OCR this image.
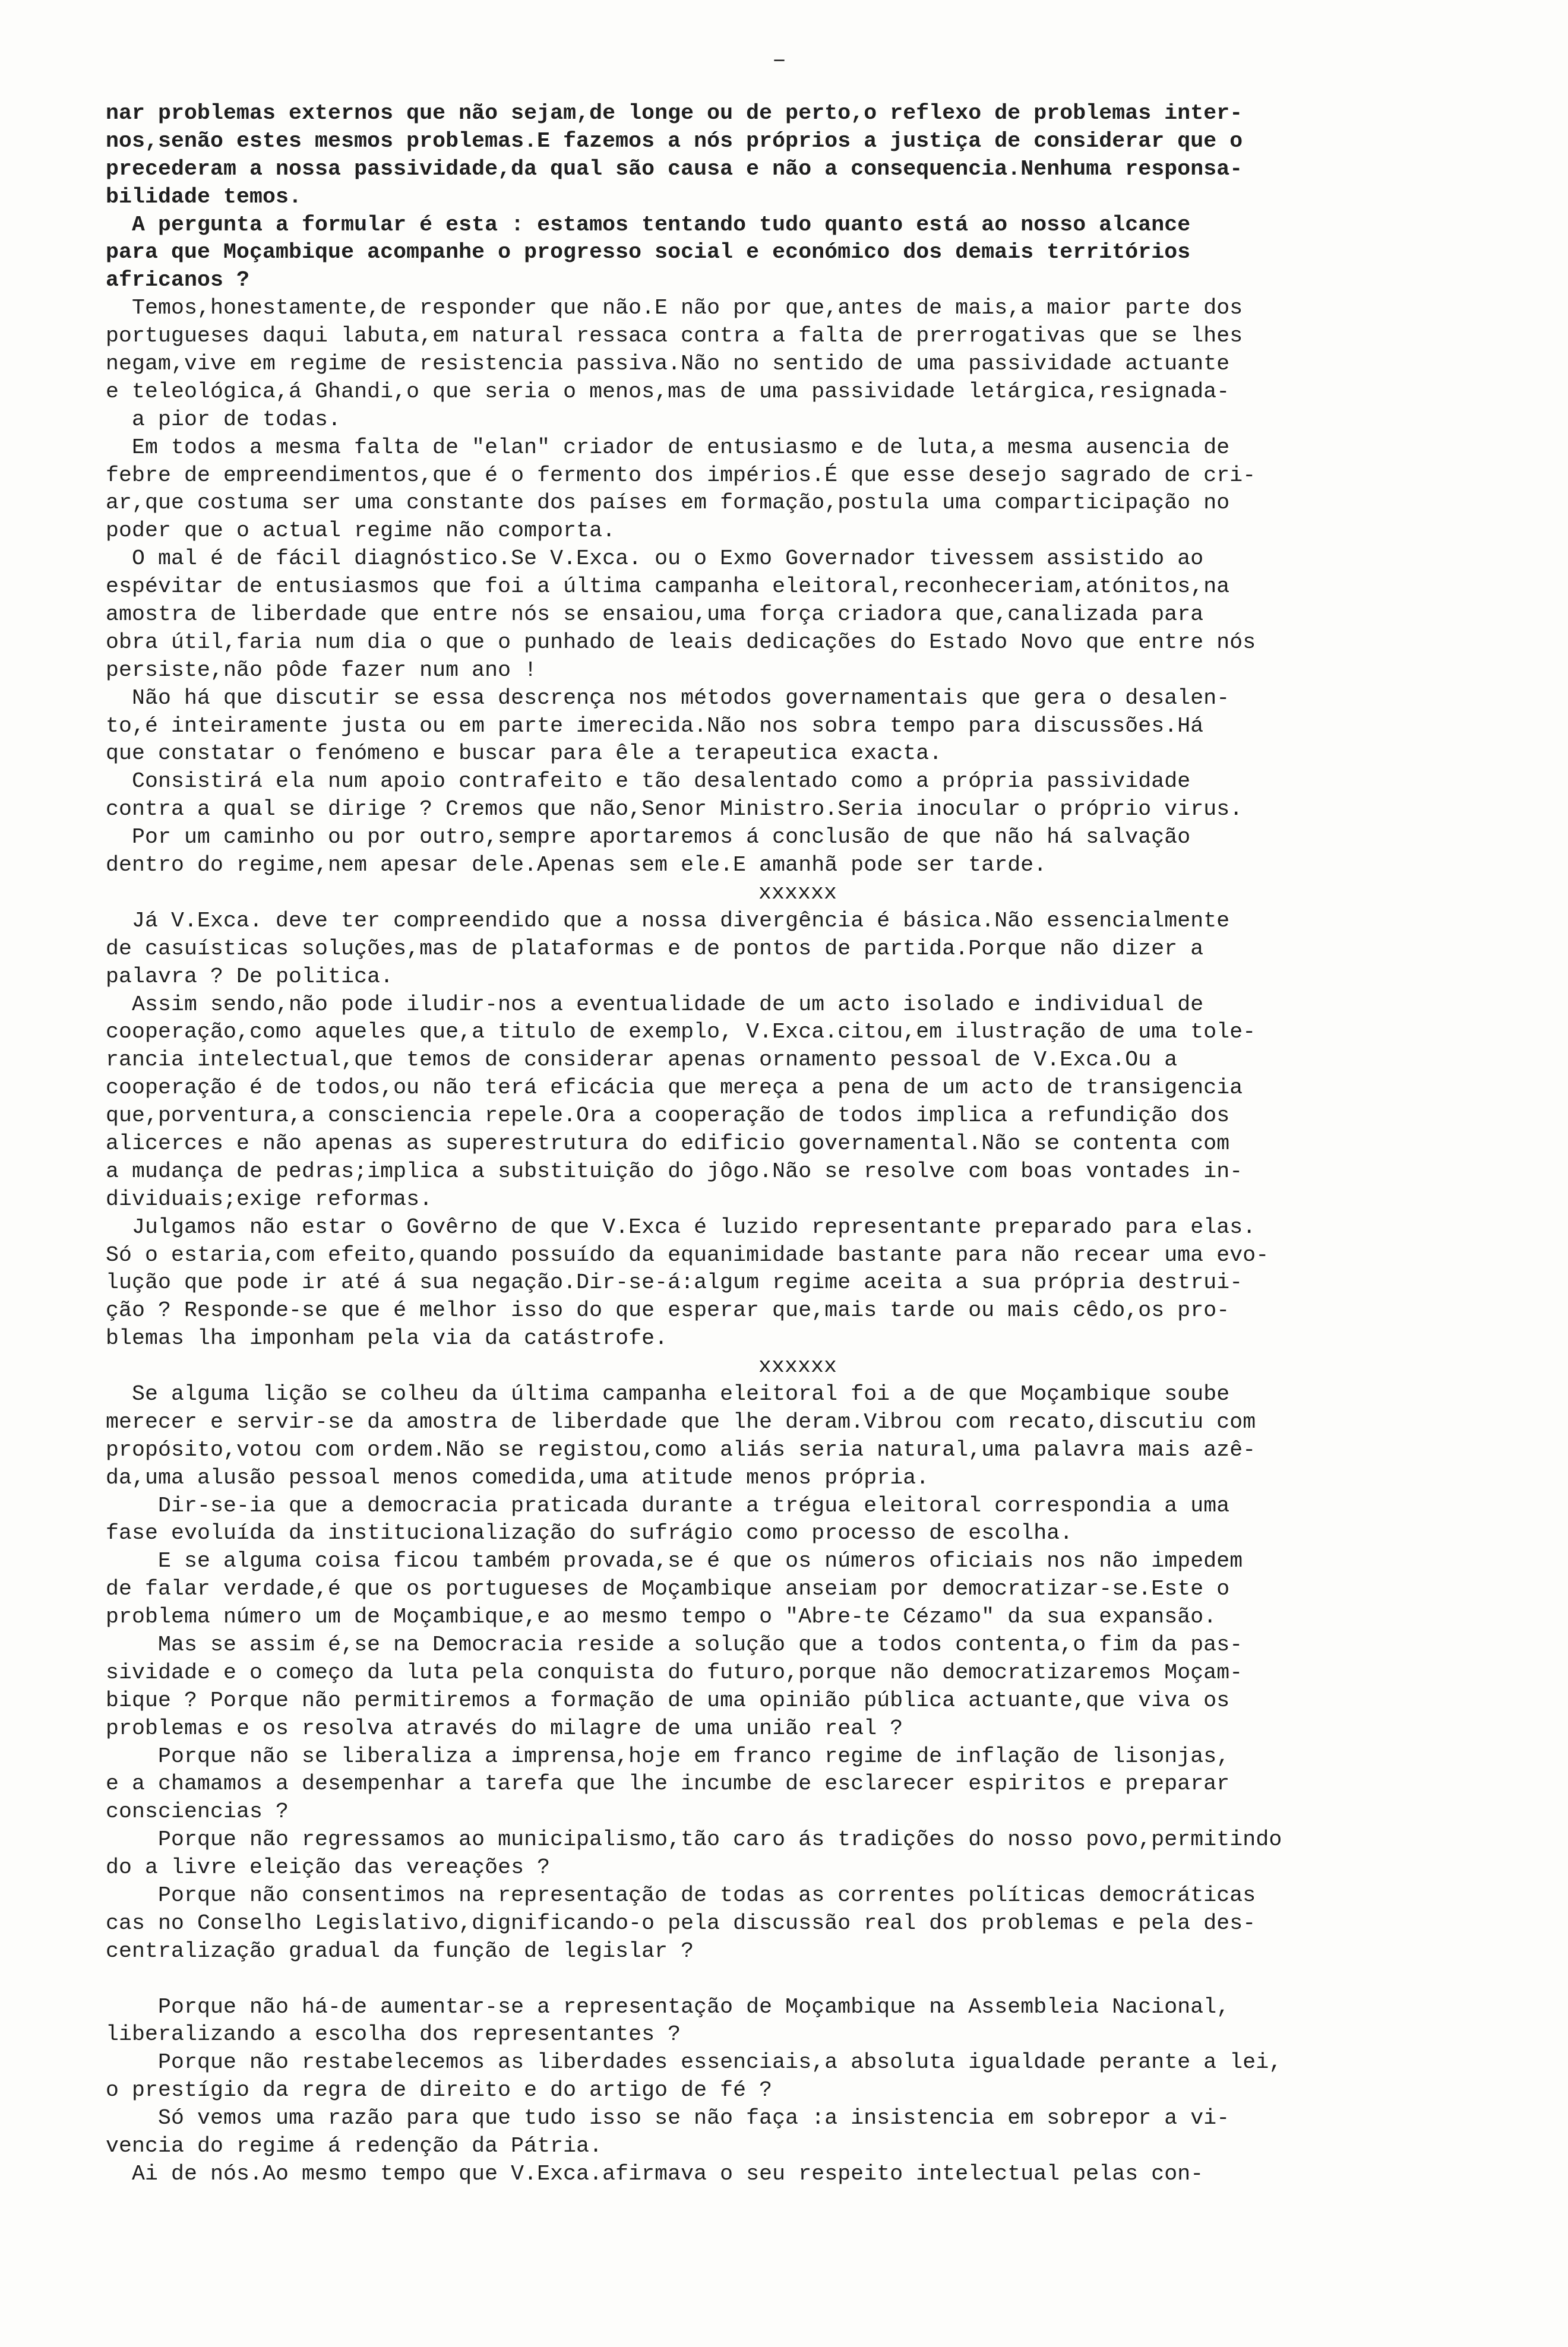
–
nar problemas externos que não sejam,de longe ou de perto,o reflexo de problemas inter-
nos,senão estes mesmos problemas.E fazemos a nós próprios a justiça de considerar que o
precederam a nossa passividade,da qual são causa e não a consequencia.Nenhuma responsa-
bilidade temos.
A pergunta a formular é esta : estamos tentando tudo quanto está ao nosso alcance
para que Moçambique acompanhe o progresso social e económico dos demais territórios
africanos ?
Temos,honestamente,de responder que não.E não por que,antes de mais,a maior parte dos
portugueses daqui labuta,em natural ressaca contra a falta de prerrogativas que se lhes
negam,vive em regime de resistencia passiva.Não no sentido de uma passividade actuante
e teleológica,á Ghandi,o que seria o menos,mas de uma passividade letárgica,resignada-
a pior de todas.
Em todos a mesma falta de "elan" criador de entusiasmo e de luta,a mesma ausencia de
febre de empreendimentos,que é o fermento dos impérios.É que esse desejo sagrado de cri-
ar,que costuma ser uma constante dos países em formação,postula uma comparticipação no
poder que o actual regime não comporta.
O mal é de fácil diagnóstico.Se V.Exca. ou o Exmo Governador tivessem assistido ao
espévitar de entusiasmos que foi a última campanha eleitoral,reconheceriam,atónitos,na
amostra de liberdade que entre nós se ensaiou,uma força criadora que,canalizada para
obra útil,faria num dia o que o punhado de leais dedicações do Estado Novo que entre nós
persiste,não pôde fazer num ano !
Não há que discutir se essa descrença nos métodos governamentais que gera o desalen-
to,é inteiramente justa ou em parte imerecida.Não nos sobra tempo para discussões.Há
que constatar o fenómeno e buscar para êle a terapeutica exacta.
Consistirá ela num apoio contrafeito e tão desalentado como a própria passividade
contra a qual se dirige ? Cremos que não,Senor Ministro.Seria inocular o próprio virus.
Por um caminho ou por outro,sempre aportaremos á conclusão de que não há salvação
dentro do regime,nem apesar dele.Apenas sem ele.E amanhã pode ser tarde.
xxxxxx
Já V.Exca. deve ter compreendido que a nossa divergência é básica.Não essencialmente
de casuísticas soluções,mas de plataformas e de pontos de partida.Porque não dizer a
palavra ? De politica.
Assim sendo,não pode iludir-nos a eventualidade de um acto isolado e individual de
cooperação,como aqueles que,a titulo de exemplo, V.Exca.citou,em ilustração de uma tole-
rancia intelectual,que temos de considerar apenas ornamento pessoal de V.Exca.Ou a
cooperação é de todos,ou não terá eficácia que mereça a pena de um acto de transigencia
que,porventura,a consciencia repele.Ora a cooperação de todos implica a refundição dos
alicerces e não apenas as superestrutura do edificio governamental.Não se contenta com
a mudança de pedras;implica a substituição do jôgo.Não se resolve com boas vontades in-
dividuais;exige reformas.
Julgamos não estar o Govêrno de que V.Exca é luzido representante preparado para elas.
Só o estaria,com efeito,quando possuído da equanimidade bastante para não recear uma evo-
lução que pode ir até á sua negação.Dir-se-á:algum regime aceita a sua própria destrui-
ção ? Responde-se que é melhor isso do que esperar que,mais tarde ou mais cêdo,os pro-
blemas lha imponham pela via da catástrofe.
xxxxxx
Se alguma lição se colheu da última campanha eleitoral foi a de que Moçambique soube
merecer e servir-se da amostra de liberdade que lhe deram.Vibrou com recato,discutiu com
propósito,votou com ordem.Não se registou,como aliás seria natural,uma palavra mais azê-
da,uma alusão pessoal menos comedida,uma atitude menos própria.
Dir-se-ia que a democracia praticada durante a trégua eleitoral correspondia a uma
fase evoluída da institucionalização do sufrágio como processo de escolha.
E se alguma coisa ficou também provada,se é que os números oficiais nos não impedem
de falar verdade,é que os portugueses de Moçambique anseiam por democratizar-se.Este o
problema número um de Moçambique,e ao mesmo tempo o "Abre-te Cézamo" da sua expansão.
Mas se assim é,se na Democracia reside a solução que a todos contenta,o fim da pas-
sividade e o começo da luta pela conquista do futuro,porque não democratizaremos Moçam-
bique ? Porque não permitiremos a formação de uma opinião pública actuante,que viva os
problemas e os resolva através do milagre de uma união real ?
Porque não se liberaliza a imprensa,hoje em franco regime de inflação de lisonjas,
e a chamamos a desempenhar a tarefa que lhe incumbe de esclarecer espiritos e preparar
consciencias ?
Porque não regressamos ao municipalismo,tão caro ás tradições do nosso povo,permitindo
do a livre eleição das vereações ?
Porque não consentimos na representação de todas as correntes políticas democráticas
cas no Conselho Legislativo,dignificando-o pela discussão real dos problemas e pela des-
centralização gradual da função de legislar ?
Porque não há-de aumentar-se a representação de Moçambique na Assembleia Nacional,
liberalizando a escolha dos representantes ?
Porque não restabelecemos as liberdades essenciais,a absoluta igualdade perante a lei,
o prestígio da regra de direito e do artigo de fé ?
Só vemos uma razão para que tudo isso se não faça :a insistencia em sobrepor a vi-
vencia do regime á redenção da Pátria.
Ai de nós.Ao mesmo tempo que V.Exca.afirmava o seu respeito intelectual pelas con-
